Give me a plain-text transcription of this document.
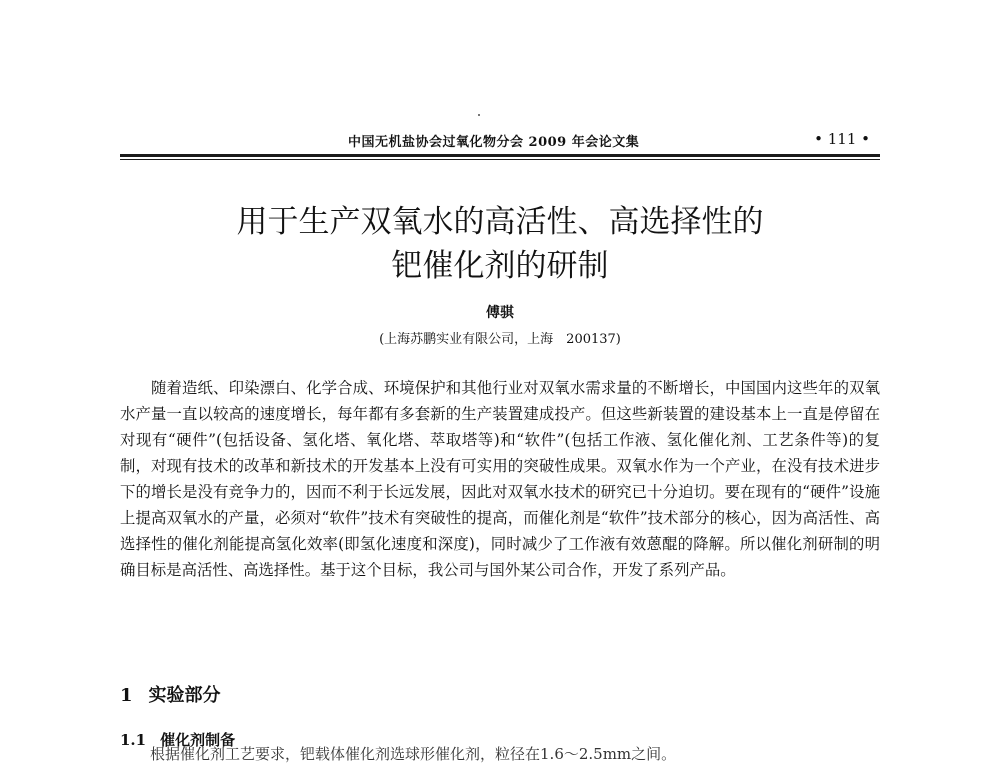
中国无机盐协会过氧化物分会 2009 年会论文集	• 111 •
用于生产双氧水的高活性、高选择性的
钯催化剂的研制
傅骐
(上海苏鹏实业有限公司，上海　200137)

随着造纸、印染漂白、化学合成、环境保护和其他行业对双氧水需求量的不断增长，中国国内这些年的双氧水产量一直以较高的速度增长，每年都有多套新的生产装置建成投产。但这些新装置的建设基本上一直是停留在对现有“硬件”(包括设备、氢化塔、氧化塔、萃取塔等)和“软件”(包括工作液、氢化催化剂、工艺条件等)的复制，对现有技术的改革和新技术的开发基本上没有可实用的突破性成果。双氧水作为一个产业，在没有技术进步下的增长是没有竞争力的，因而不利于长远发展，因此对双氧水技术的研究已十分迫切。要在现有的“硬件”设施上提高双氧水的产量，必须对“软件”技术有突破性的提高，而催化剂是“软件”技术部分的核心，因为高活性、高选择性的催化剂能提高氢化效率(即氢化速度和深度)，同时减少了工作液有效蒽醌的降解。所以催化剂研制的明确目标是高活性、高选择性。基于这个目标，我公司与国外某公司合作，开发了系列产品。

1 实验部分
1.1 催化剂制备
根据催化剂工艺要求，钯载体催化剂选球形催化剂，粒径在1.6～2.5mm之间。
